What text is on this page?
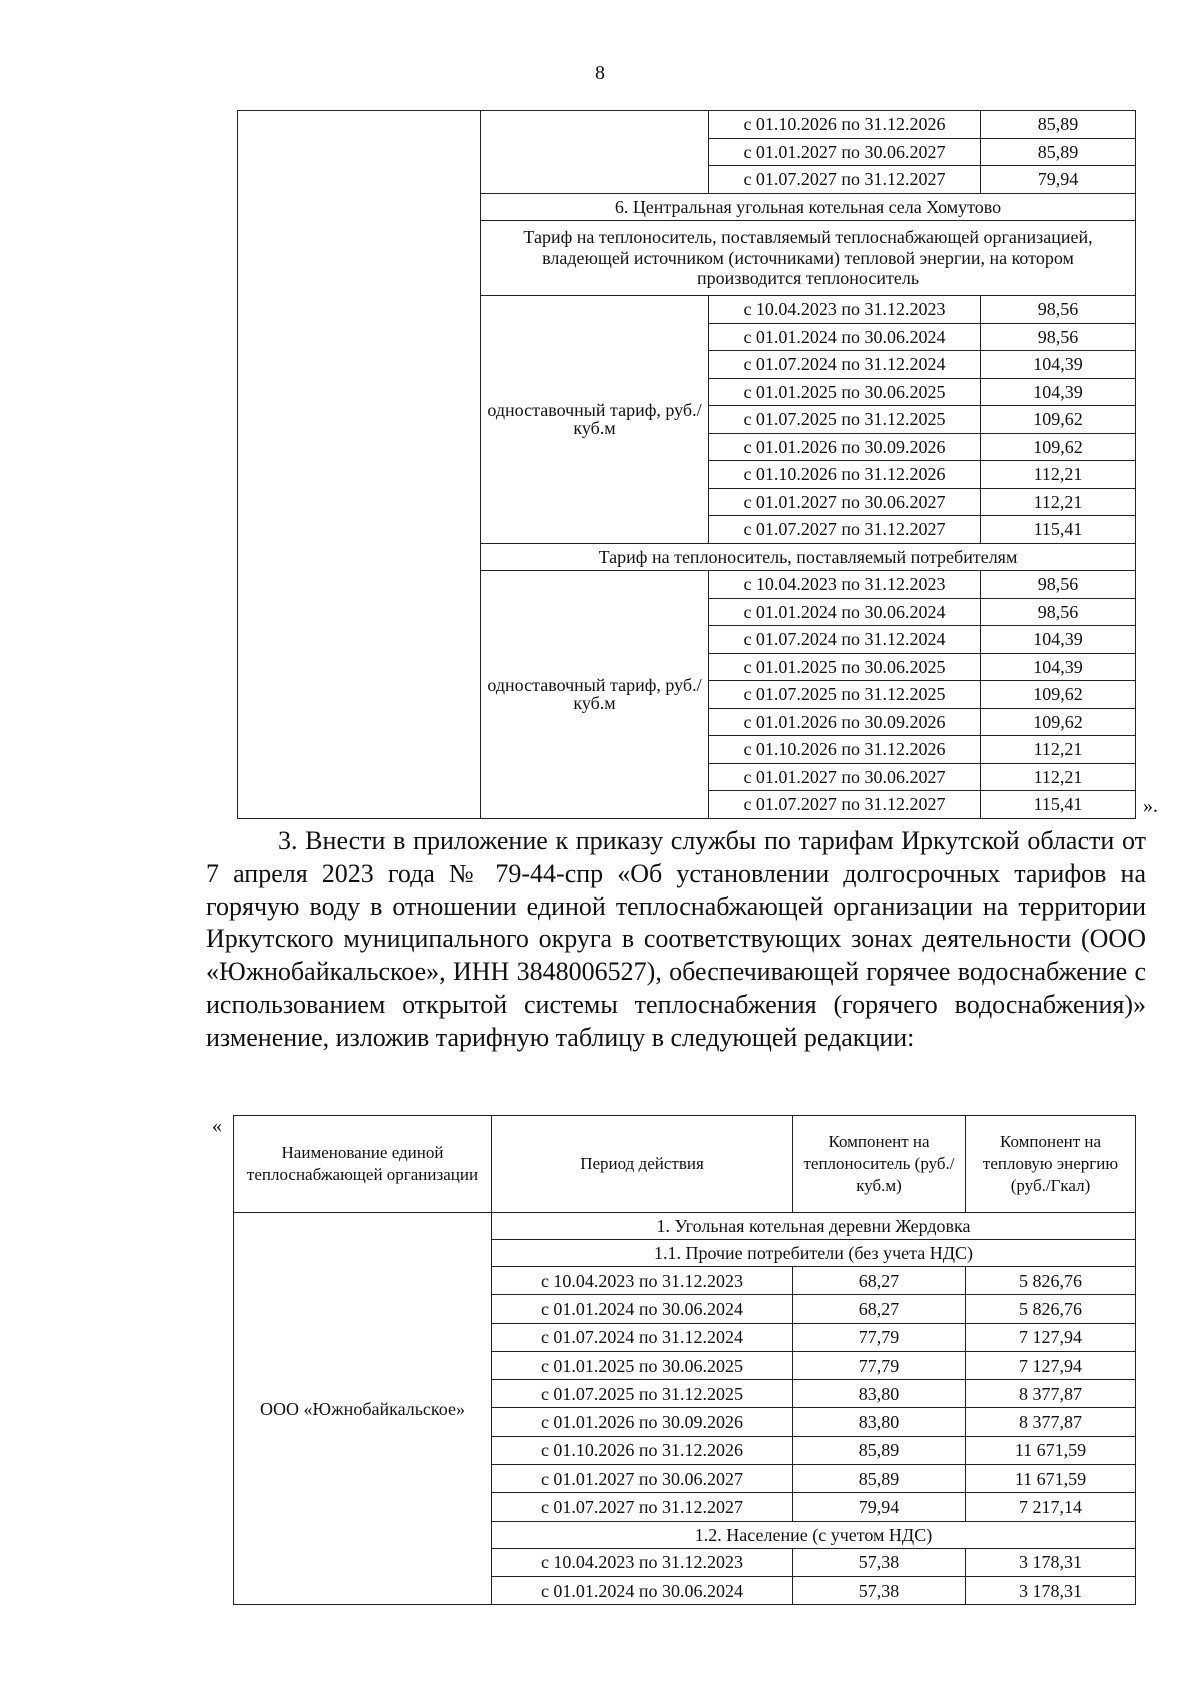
8
		с 01.10.2026 по 31.12.2026	85,89
		с 01.01.2027 по 30.06.2027	85,89
		с 01.07.2027 по 31.12.2027	79,94
	6. Центральная угольная котельная села Хомутово		
	Тариф на теплоноситель, поставляемый теплоснабжающей организацией, владеющей источником (источниками) тепловой энергии, на котором производится теплоноситель		
	одноставочный тариф, руб./куб.м	с 10.04.2023 по 31.12.2023	98,56
		с 01.01.2024 по 30.06.2024	98,56
		с 01.07.2024 по 31.12.2024	104,39
		с 01.01.2025 по 30.06.2025	104,39
		с 01.07.2025 по 31.12.2025	109,62
		с 01.01.2026 по 30.09.2026	109,62
		с 01.10.2026 по 31.12.2026	112,21
		с 01.01.2027 по 30.06.2027	112,21
		с 01.07.2027 по 31.12.2027	115,41
	Тариф на теплоноситель, поставляемый потребителям		
	одноставочный тариф, руб./куб.м	с 10.04.2023 по 31.12.2023	98,56
		с 01.01.2024 по 30.06.2024	98,56
		с 01.07.2024 по 31.12.2024	104,39
		с 01.01.2025 по 30.06.2025	104,39
		с 01.07.2025 по 31.12.2025	109,62
		с 01.01.2026 по 30.09.2026	109,62
		с 01.10.2026 по 31.12.2026	112,21
		с 01.01.2027 по 30.06.2027	112,21
		с 01.07.2027 по 31.12.2027	115,41	».
3. Внести в приложение к приказу службы по тарифам Иркутской области от 7 апреля 2023 года № 79-44-спр «Об установлении долгосрочных тарифов на горячую воду в отношении единой теплоснабжающей организации на территории Иркутского муниципального округа в соответствующих зонах деятельности (ООО «Южнобайкальское», ИНН 3848006527), обеспечивающей горячее водоснабжение с использованием открытой системы теплоснабжения (горячего водоснабжения)» изменение, изложив тарифную таблицу в следующей редакции:
«
Наименование единой теплоснабжающей организации	Период действия	Компонент на теплоноситель (руб./куб.м)	Компонент на тепловую энергию (руб./Гкал)
ООО «Южнобайкальское»	1. Угольная котельная деревни Жердовка		
	1.1. Прочие потребители (без учета НДС)		
	с 10.04.2023 по 31.12.2023	68,27	5 826,76
	с 01.01.2024 по 30.06.2024	68,27	5 826,76
	с 01.07.2024 по 31.12.2024	77,79	7 127,94
	с 01.01.2025 по 30.06.2025	77,79	7 127,94
	с 01.07.2025 по 31.12.2025	83,80	8 377,87
	с 01.01.2026 по 30.09.2026	83,80	8 377,87
	с 01.10.2026 по 31.12.2026	85,89	11 671,59
	с 01.01.2027 по 30.06.2027	85,89	11 671,59
	с 01.07.2027 по 31.12.2027	79,94	7 217,14
	1.2. Население (с учетом НДС)		
	с 10.04.2023 по 31.12.2023	57,38	3 178,31
	с 01.01.2024 по 30.06.2024	57,38	3 178,31
